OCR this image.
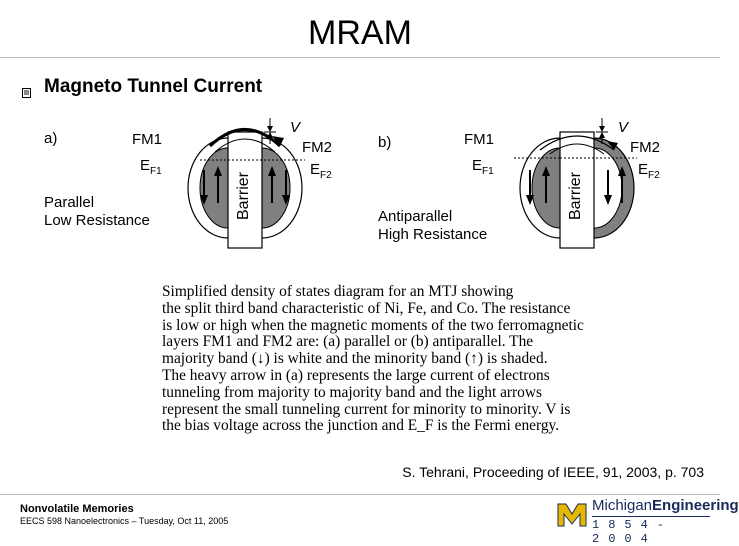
MRAM
Magneto Tunnel Current
a)
Parallel
Low Resistance
Barrier
FM1
$E_{F1}$
V
FM2
$E_{F2}$
b)
Antiparallel
High Resistance
Barrier
FM1
$E_{F1}$
V
FM2
$E_{F2}$
Simplified density of states diagram for an MTJ showing
the split third band characteristic of Ni, Fe, and Co. The resistance
is low or high when the magnetic moments of the two ferromagnetic
layers FM1 and FM2 are: (a) parallel or (b) antiparallel. The
majority band (↓) is white and the minority band (↑) is shaded.
The heavy arrow in (a) represents the large current of electrons
tunneling from majority to majority band and the light arrows
represent the small tunneling current for minority to minority. V is
the bias voltage across the junction and E_F is the Fermi energy.
S. Tehrani, Proceeding of IEEE, 91, 2003, p. 703
Nonvolatile Memories
EECS 598 Nanoelectronics – Tuesday, Oct 11, 2005
MichiganEngineering
1854-2004
